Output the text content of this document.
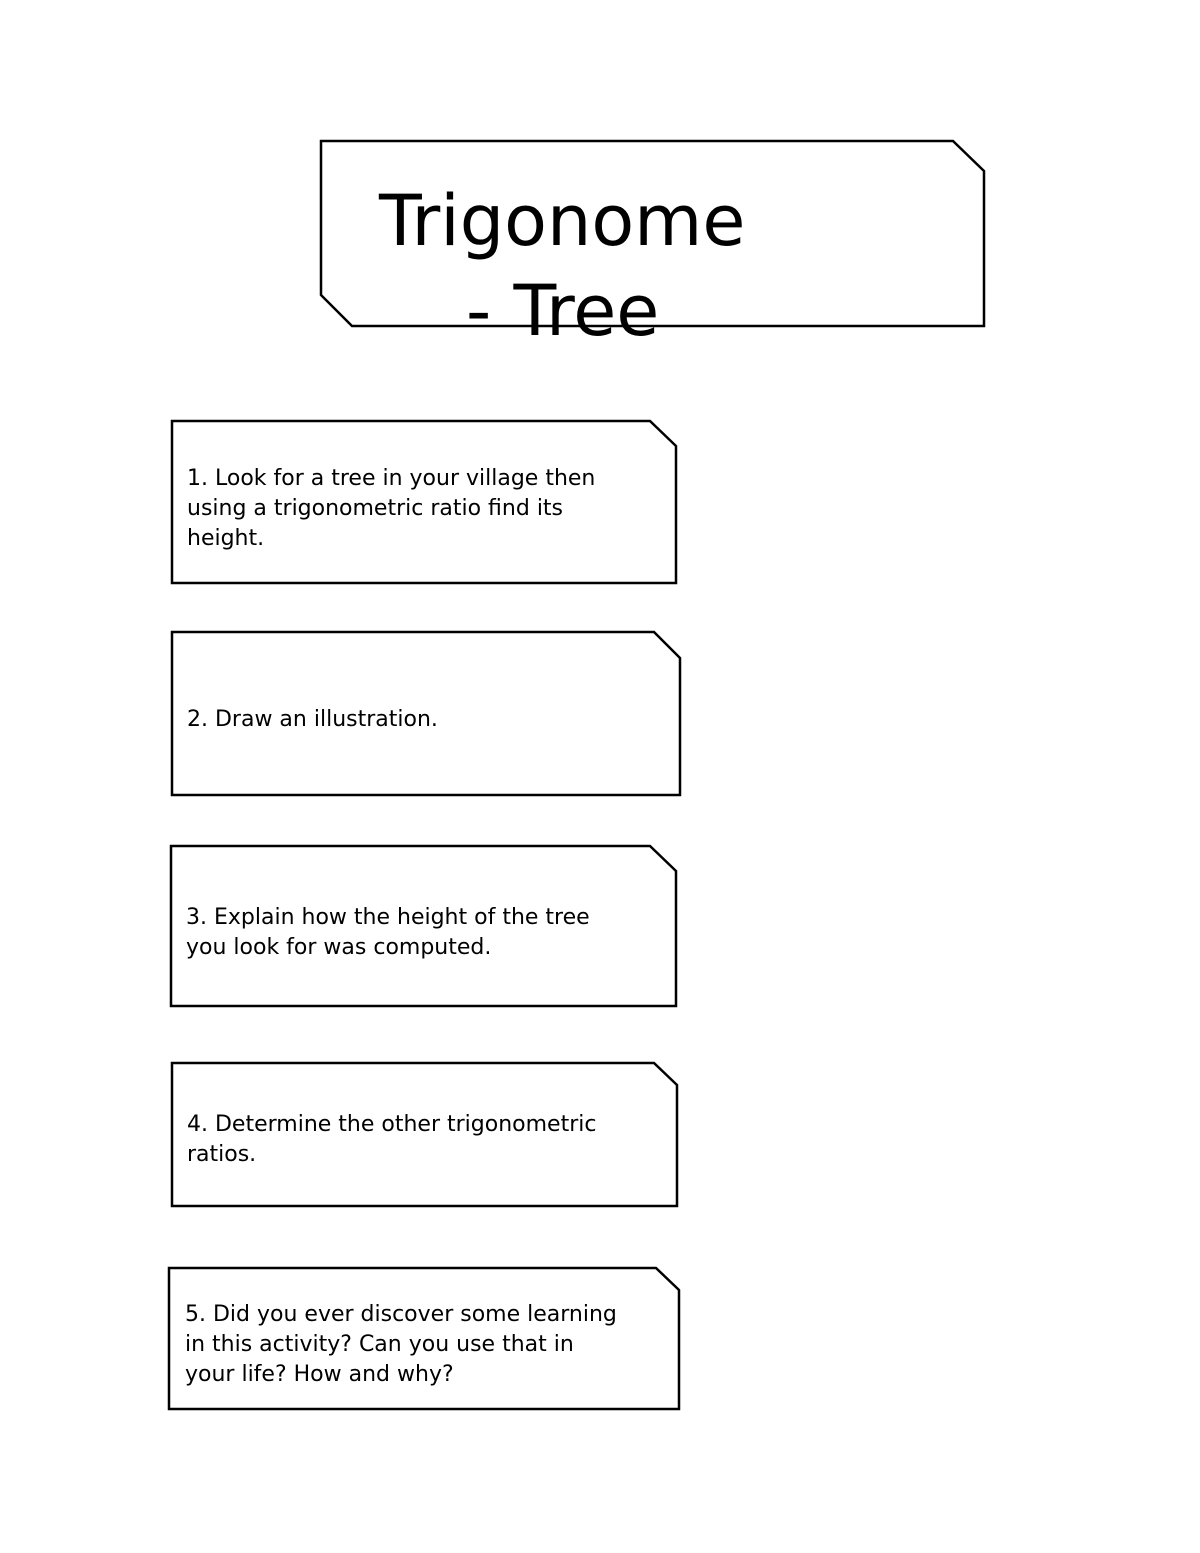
Trigonome
- Tree
1. Look for a tree in your village then
using a trigonometric ratio find its
height.
2. Draw an illustration.
3. Explain how the height of the tree
you look for was computed.
4. Determine the other trigonometric
ratios.
5. Did you ever discover some learning
in this activity? Can you use that in
your life? How and why?
